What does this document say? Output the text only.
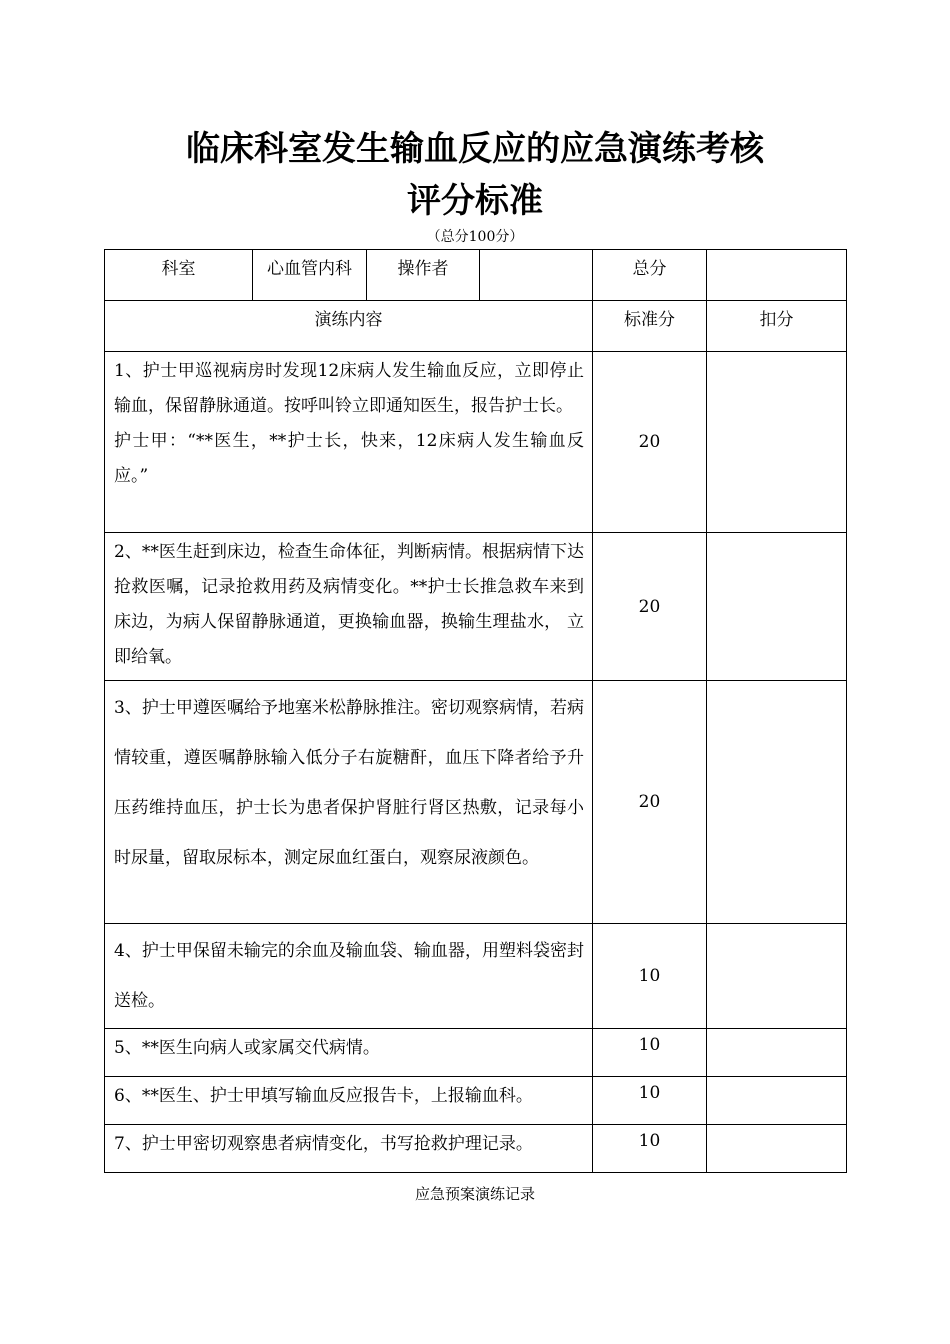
临床科室发生输血反应的应急演练考核
评分标准
（总分100分）
科室	心血管内科	操作者		总分	
演练内容				标准分	扣分

1、护士甲巡视病房时发现12床病人发生输血反应，立即停止输血，保留静脉通道。按呼叫铃立即通知医生，报告护士长。
护士甲：“**医生，**护士长，快来，12床病人发生输血反应。”				20	
2、**医生赶到床边，检查生命体征，判断病情。根据病情下达抢救医嘱，记录抢救用药及病情变化。**护士长推急救车来到床边，为病人保留静脉通道，更换输血器，换输生理盐水， 立即给氧。				20	
3、护士甲遵医嘱给予地塞米松静脉推注。密切观察病情，若病情较重，遵医嘱静脉输入低分子右旋糖酐，血压下降者给予升压药维持血压，护士长为患者保护肾脏行肾区热敷，记录每小时尿量，留取尿标本，测定尿血红蛋白，观察尿液颜色。				20	
4、护士甲保留未输完的余血及输血袋、输血器，用塑料袋密封送检。				10	
5、**医生向病人或家属交代病情。				10	
6、**医生、护士甲填写输血反应报告卡，上报输血科。				10	
7、护士甲密切观察患者病情变化，书写抢救护理记录。				10	
应急预案演练记录
